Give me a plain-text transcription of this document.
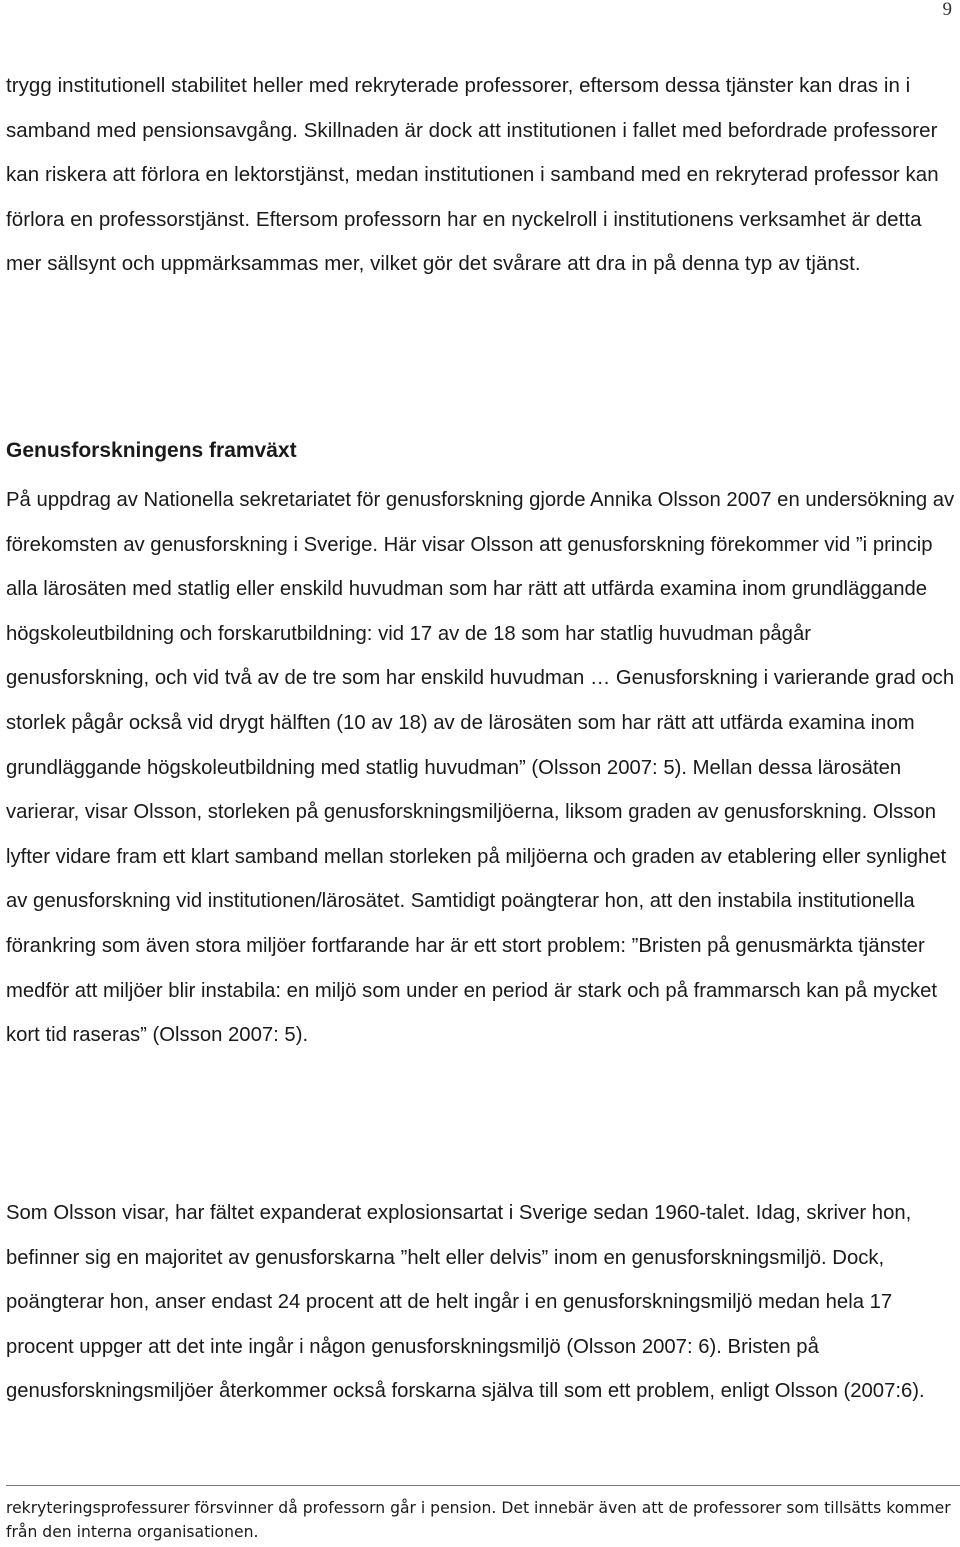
9

trygg institutionell stabilitet heller med rekryterade professorer, eftersom dessa tjänster kan dras in i samband med pensionsavgång. Skillnaden är dock att institutionen i fallet med befordrade professorer kan riskera att förlora en lektorstjänst, medan institutionen i samband med en rekryterad professor kan förlora en professorstjänst. Eftersom professorn har en nyckelroll i institutionens verksamhet är detta mer sällsynt och uppmärksammas mer, vilket gör det svårare att dra in på denna typ av tjänst.

Genusforskningens framväxt

På uppdrag av Nationella sekretariatet för genusforskning gjorde Annika Olsson 2007 en undersökning av förekomsten av genusforskning i Sverige. Här visar Olsson att genusforskning förekommer vid ”i princip alla lärosäten med statlig eller enskild huvudman som har rätt att utfärda examina inom grundläggande högskoleutbildning och forskarutbildning: vid 17 av de 18 som har statlig huvudman pågår genusforskning, och vid två av de tre som har enskild huvudman … Genusforskning i varierande grad och storlek pågår också vid drygt hälften (10 av 18) av de lärosäten som har rätt att utfärda examina inom grundläggande högskoleutbildning med statlig huvudman” (Olsson 2007: 5). Mellan dessa lärosäten varierar, visar Olsson, storleken på genusforskningsmiljöerna, liksom graden av genusforskning. Olsson lyfter vidare fram ett klart samband mellan storleken på miljöerna och graden av etablering eller synlighet av genusforskning vid institutionen/lärosätet. Samtidigt poängterar hon, att den instabila institutionella förankring som även stora miljöer fortfarande har är ett stort problem: ”Bristen på genusmärkta tjänster medför att miljöer blir instabila: en miljö som under en period är stark och på frammarsch kan på mycket kort tid raseras” (Olsson 2007: 5).

Som Olsson visar, har fältet expanderat explosionsartat i Sverige sedan 1960-talet. Idag, skriver hon, befinner sig en majoritet av genusforskarna ”helt eller delvis” inom en genusforskningsmiljö. Dock, poängterar hon, anser endast 24 procent att de helt ingår i en genusforskningsmiljö medan hela 17 procent uppger att det inte ingår i någon genusforskningsmiljö (Olsson 2007: 6). Bristen på genusforskningsmiljöer återkommer också forskarna själva till som ett problem, enligt Olsson (2007:6).

rekryteringsprofessurer försvinner då professorn går i pension. Det innebär även att de professorer som tillsätts kommer från den interna organisationen.
